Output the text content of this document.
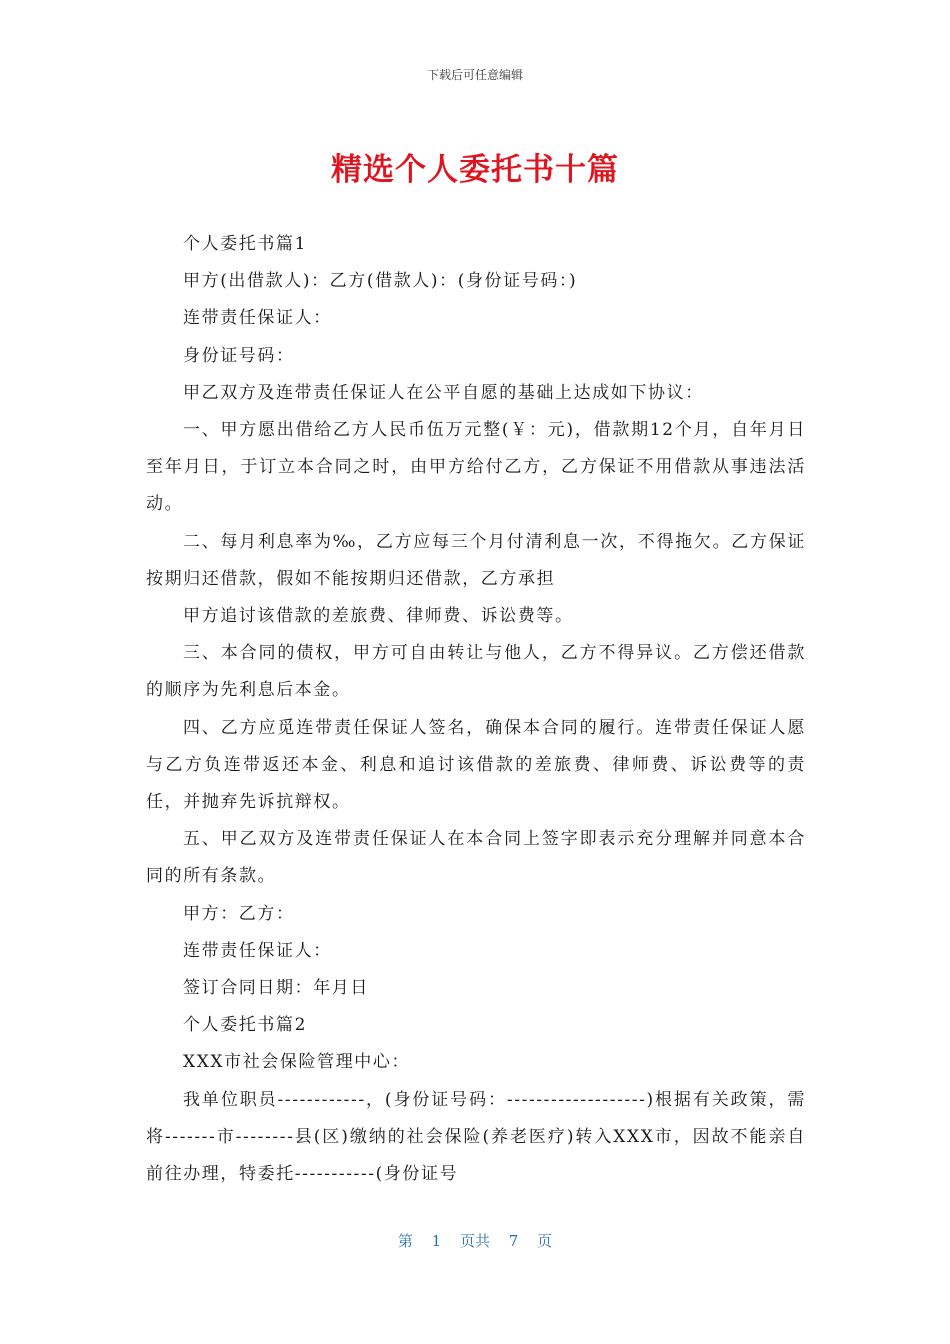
下载后可任意编辑
精选个人委托书十篇

个人委托书篇1

甲方(出借款人)：乙方(借款人)：(身份证号码：)

连带责任保证人：

身份证号码：

甲乙双方及连带责任保证人在公平自愿的基础上达成如下协议：

一、甲方愿出借给乙方人民币伍万元整(￥：元)，借款期12个月，自年月日至年月日，于订立本合同之时，由甲方给付乙方，乙方保证不用借款从事违法活动。

二、每月利息率为‰，乙方应每三个月付清利息一次，不得拖欠。乙方保证按期归还借款，假如不能按期归还借款，乙方承担

甲方追讨该借款的差旅费、律师费、诉讼费等。

三、本合同的债权，甲方可自由转让与他人，乙方不得异议。乙方偿还借款的顺序为先利息后本金。

四、乙方应觅连带责任保证人签名，确保本合同的履行。连带责任保证人愿与乙方负连带返还本金、利息和追讨该借款的差旅费、律师费、诉讼费等的责任，并抛弃先诉抗辩权。

五、甲乙双方及连带责任保证人在本合同上签字即表示充分理解并同意本合同的所有条款。

甲方：乙方：

连带责任保证人：

签订合同日期：年月日

个人委托书篇2

XXX市社会保险管理中心：

我单位职员------------，(身份证号码：-------------------)根据有关政策，需将-------市--------县(区)缴纳的社会保险(养老医疗)转入XXX市，因故不能亲自前往办理，特委托-----------(身份证号

第 1 页共 7 页
